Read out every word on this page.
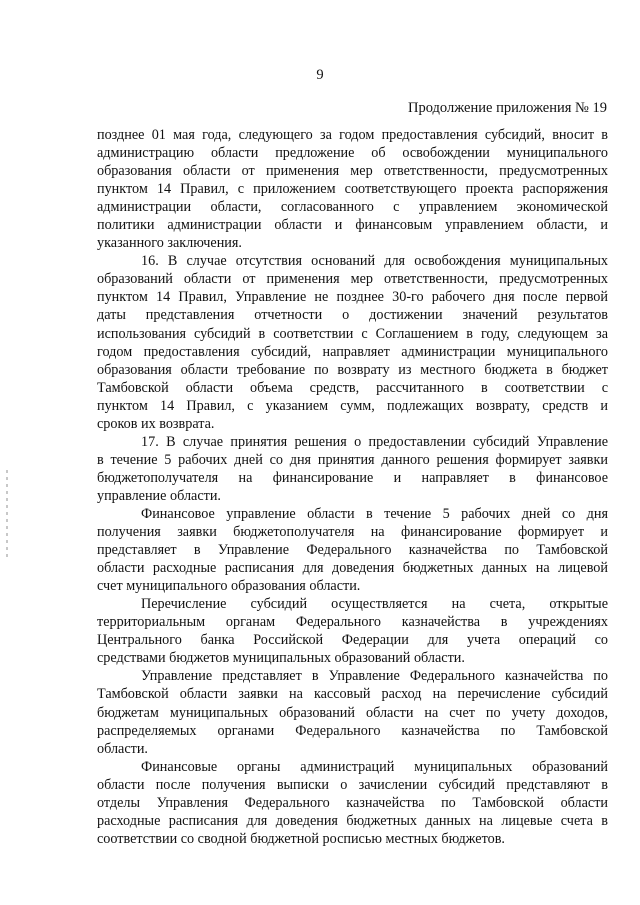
9
Продолжение приложения № 19
позднее 01 мая года, следующего за годом предоставления субсидий, вносит в
администрацию области предложение об освобождении муниципального
образования области от применения мер ответственности, предусмотренных
пунктом 14 Правил, с приложением соответствующего проекта распоряжения
администрации области, согласованного с управлением экономической
политики администрации области и финансовым управлением области, и
указанного заключения.
16. В случае отсутствия оснований для освобождения муниципальных
образований области от применения мер ответственности, предусмотренных
пунктом 14 Правил, Управление не позднее 30-го рабочего дня после первой
даты представления отчетности о достижении значений результатов
использования субсидий в соответствии с Соглашением в году, следующем за
годом предоставления субсидий, направляет администрации муниципального
образования области требование по возврату из местного бюджета в бюджет
Тамбовской области объема средств, рассчитанного в соответствии с
пунктом 14 Правил, с указанием сумм, подлежащих возврату, средств и
сроков их возврата.
17. В случае принятия решения о предоставлении субсидий Управление
в течение 5 рабочих дней со дня принятия данного решения формирует заявки
бюджетополучателя на финансирование и направляет в финансовое
управление области.
Финансовое управление области в течение 5 рабочих дней со дня
получения заявки бюджетополучателя на финансирование формирует и
представляет в Управление Федерального казначейства по Тамбовской
области расходные расписания для доведения бюджетных данных на лицевой
счет муниципального образования области.
Перечисление субсидий осуществляется на счета, открытые
территориальным органам Федерального казначейства в учреждениях
Центрального банка Российской Федерации для учета операций со
средствами бюджетов муниципальных образований области.
Управление представляет в Управление Федерального казначейства по
Тамбовской области заявки на кассовый расход на перечисление субсидий
бюджетам муниципальных образований области на счет по учету доходов,
распределяемых органами Федерального казначейства по Тамбовской
области.
Финансовые органы администраций муниципальных образований
области после получения выписки о зачислении субсидий представляют в
отделы Управления Федерального казначейства по Тамбовской области
расходные расписания для доведения бюджетных данных на лицевые счета в
соответствии со сводной бюджетной росписью местных бюджетов.
